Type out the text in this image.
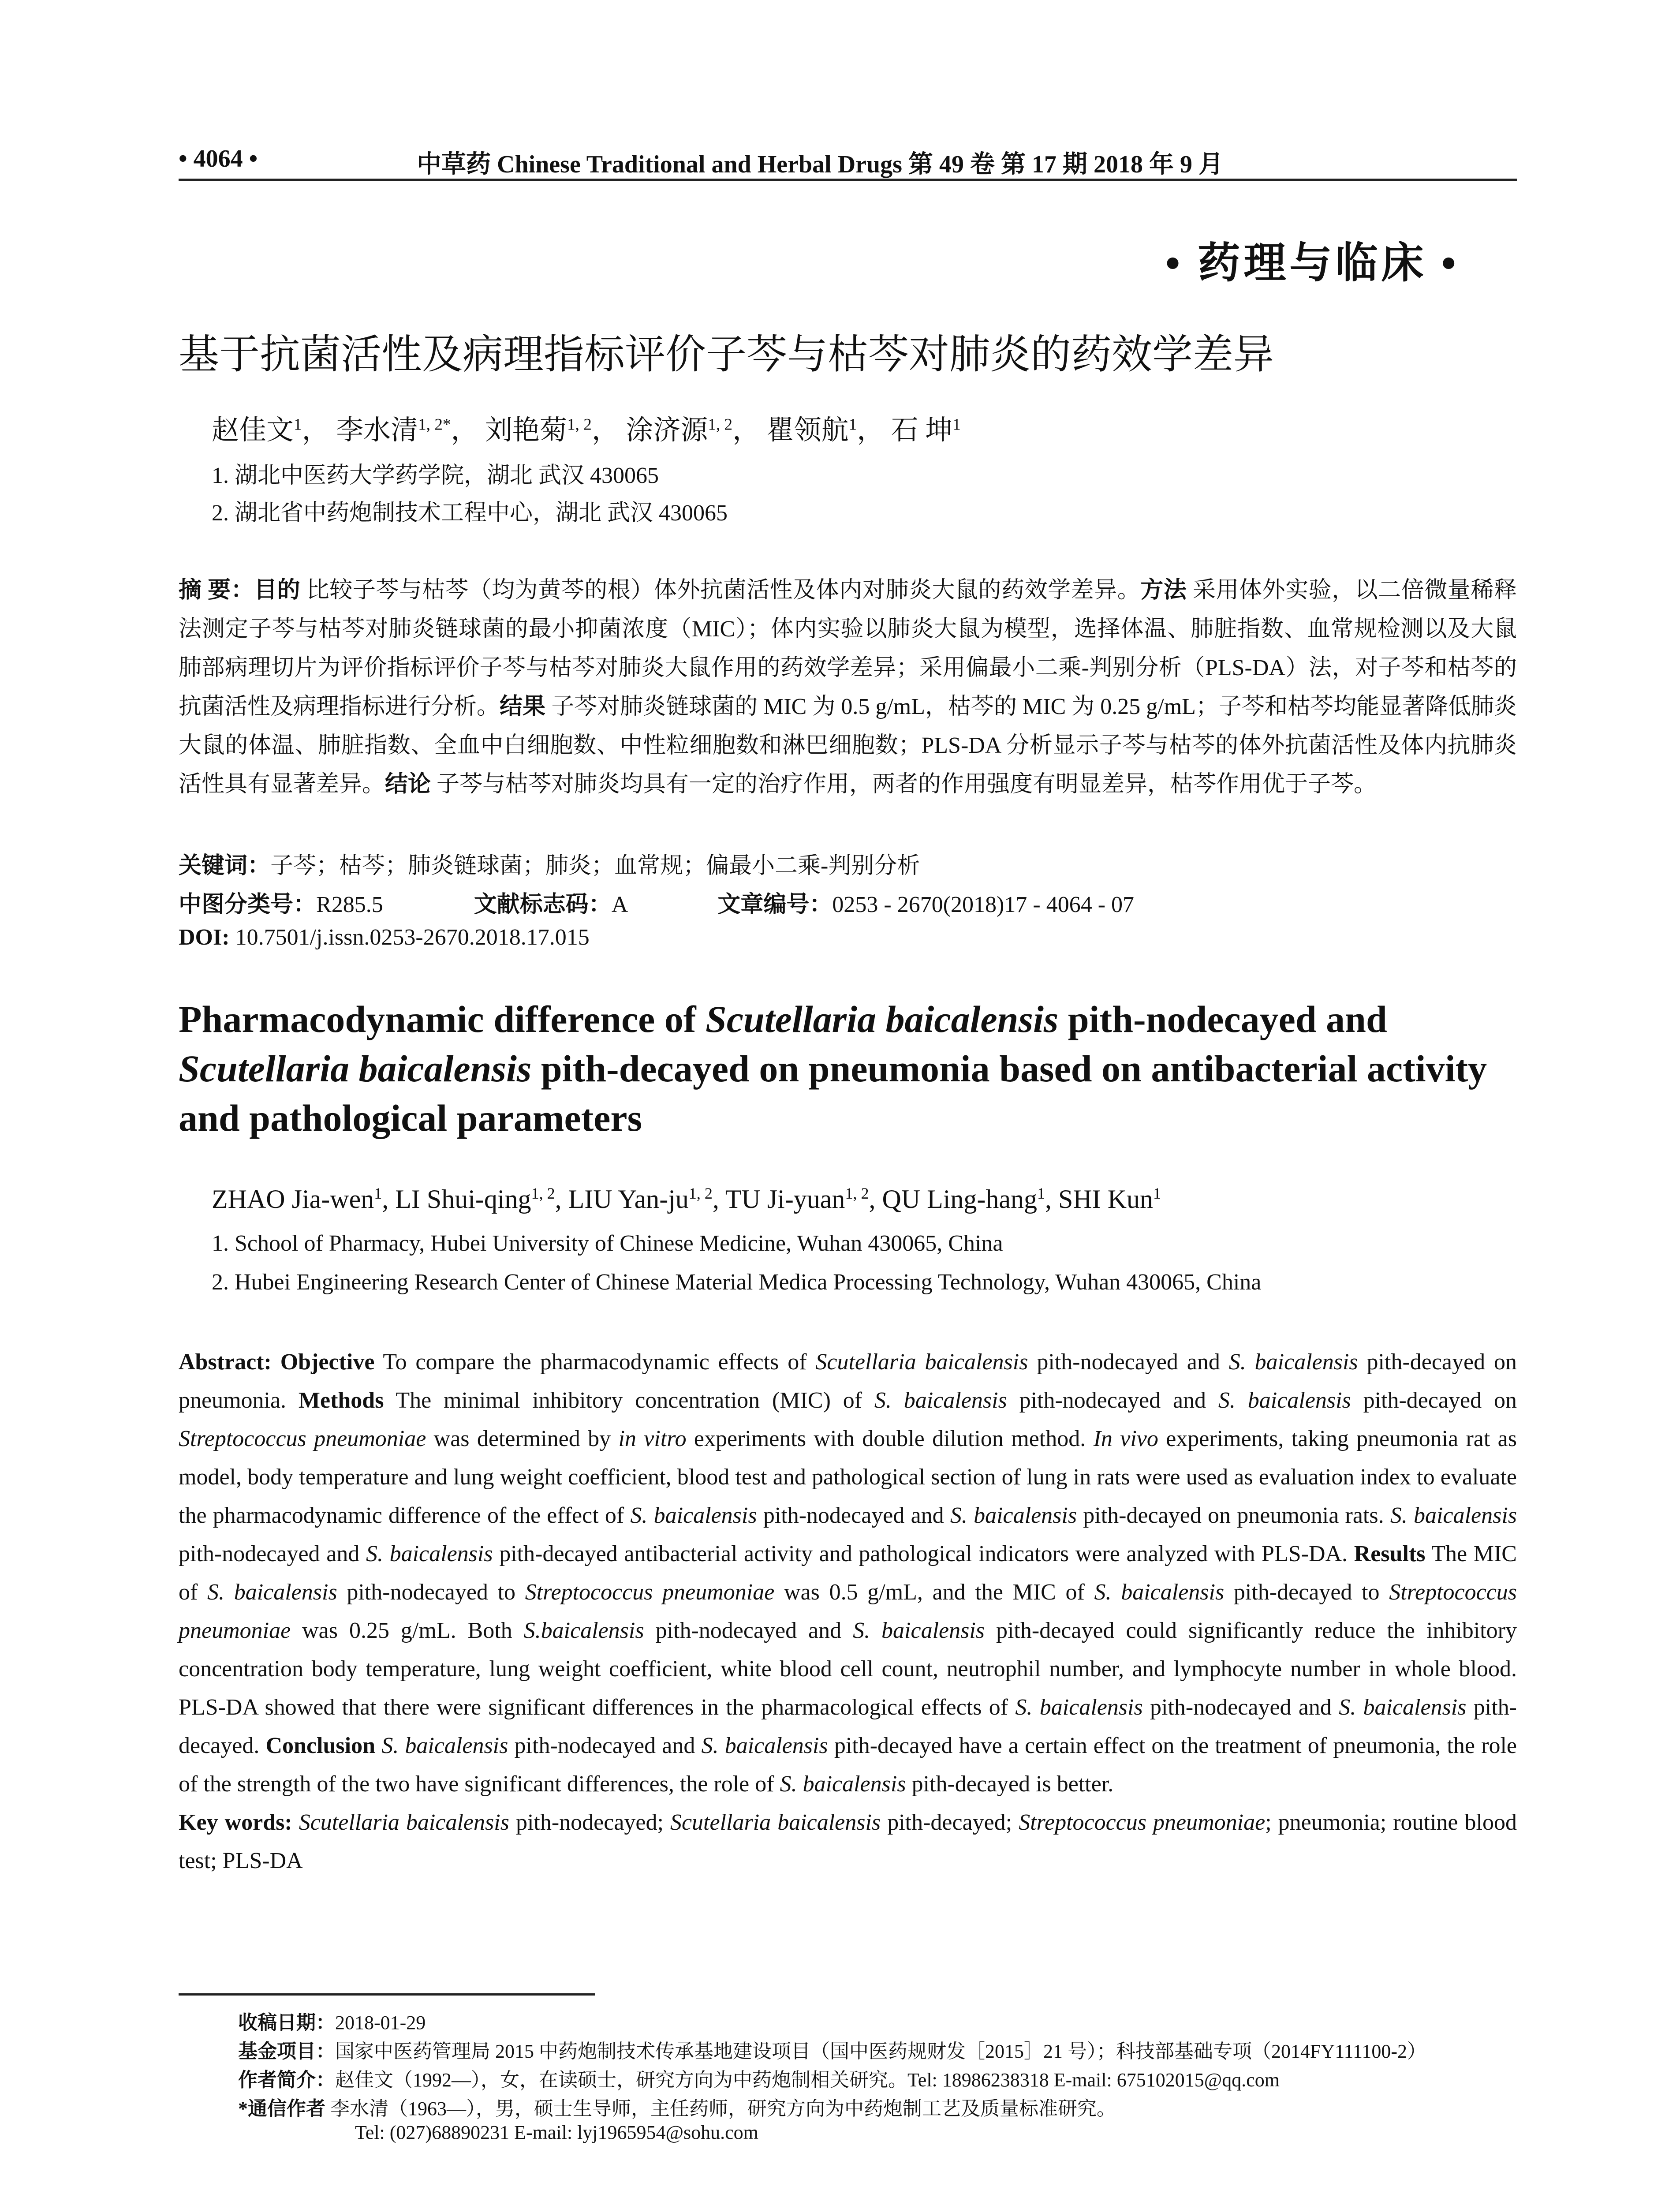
• 4064 •	中草药 Chinese Traditional and Herbal Drugs 第 49 卷 第 17 期 2018 年 9 月
• 药理与临床 •
基于抗菌活性及病理指标评价子芩与枯芩对肺炎的药效学差异
赵佳文$^1$， 李水清$^{1, 2*}$， 刘艳菊$^{1, 2}$， 涂济源$^{1, 2}$， 瞿领航$^1$， 石 坤$^1$
1. 湖北中医药大学药学院，湖北 武汉 430065
2. 湖北省中药炮制技术工程中心，湖北 武汉 430065
摘 要：目的 比较子芩与枯芩（均为黄芩的根）体外抗菌活性及体内对肺炎大鼠的药效学差异。方法 采用体外实验，以二倍微量稀释法测定子芩与枯芩对肺炎链球菌的最小抑菌浓度（MIC）；体内实验以肺炎大鼠为模型，选择体温、肺脏指数、血常规检测以及大鼠肺部病理切片为评价指标评价子芩与枯芩对肺炎大鼠作用的药效学差异；采用偏最小二乘-判别分析（PLS-DA）法，对子芩和枯芩的抗菌活性及病理指标进行分析。结果 子芩对肺炎链球菌的 MIC 为 0.5 g/mL，枯芩的 MIC 为 0.25 g/mL；子芩和枯芩均能显著降低肺炎大鼠的体温、肺脏指数、全血中白细胞数、中性粒细胞数和淋巴细胞数；PLS-DA 分析显示子芩与枯芩的体外抗菌活性及体内抗肺炎活性具有显著差异。结论 子芩与枯芩对肺炎均具有一定的治疗作用，两者的作用强度有明显差异，枯芩作用优于子芩。
关键词：子芩；枯芩；肺炎链球菌；肺炎；血常规；偏最小二乘-判别分析
中图分类号：R285.5	文献标志码：A	文章编号：0253 - 2670(2018)17 - 4064 - 07
DOI: 10.7501/j.issn.0253-2670.2018.17.015
Pharmacodynamic difference of Scutellaria baicalensis pith-nodecayed and Scutellaria baicalensis pith-decayed on pneumonia based on antibacterial activity and pathological parameters
ZHAO Jia-wen$^1$, LI Shui-qing$^{1, 2}$, LIU Yan-ju$^{1, 2}$, TU Ji-yuan$^{1, 2}$, QU Ling-hang$^1$, SHI Kun$^1$
1. School of Pharmacy, Hubei University of Chinese Medicine, Wuhan 430065, China
2. Hubei Engineering Research Center of Chinese Material Medica Processing Technology, Wuhan 430065, China
Abstract: Objective To compare the pharmacodynamic effects of Scutellaria baicalensis pith-nodecayed and S. baicalensis pith-decayed on pneumonia. Methods The minimal inhibitory concentration (MIC) of S. baicalensis pith-nodecayed and S. baicalensis pith-decayed on Streptococcus pneumoniae was determined by in vitro experiments with double dilution method. In vivo experiments, taking pneumonia rat as model, body temperature and lung weight coefficient, blood test and pathological section of lung in rats were used as evaluation index to evaluate the pharmacodynamic difference of the effect of S. baicalensis pith-nodecayed and S. baicalensis pith-decayed on pneumonia rats. S. baicalensis pith-nodecayed and S. baicalensis pith-decayed antibacterial activity and pathological indicators were analyzed with PLS-DA. Results The MIC of S. baicalensis pith-nodecayed to Streptococcus pneumoniae was 0.5 g/mL, and the MIC of S. baicalensis pith-decayed to Streptococcus pneumoniae was 0.25 g/mL. Both S.baicalensis pith-nodecayed and S. baicalensis pith-decayed could significantly reduce the inhibitory concentration body temperature, lung weight coefficient, white blood cell count, neutrophil number, and lymphocyte number in whole blood. PLS-DA showed that there were significant differences in the pharmacological effects of S. baicalensis pith-nodecayed and S. baicalensis pith-decayed. Conclusion S. baicalensis pith-nodecayed and S. baicalensis pith-decayed have a certain effect on the treatment of pneumonia, the role of the strength of the two have significant differences, the role of S. baicalensis pith-decayed is better.
Key words: Scutellaria baicalensis pith-nodecayed; Scutellaria baicalensis pith-decayed; Streptococcus pneumoniae; pneumonia; routine blood test; PLS-DA
收稿日期：2018-01-29
基金项目：国家中医药管理局 2015 中药炮制技术传承基地建设项目（国中医药规财发［2015］21 号）；科技部基础专项（2014FY111100-2）
作者简介：赵佳文（1992—），女，在读硕士，研究方向为中药炮制相关研究。Tel: 18986238318 E-mail: 675102015@qq.com
*通信作者 李水清（1963—），男，硕士生导师，主任药师，研究方向为中药炮制工艺及质量标准研究。
Tel: (027)68890231 E-mail: lyj1965954@sohu.com
